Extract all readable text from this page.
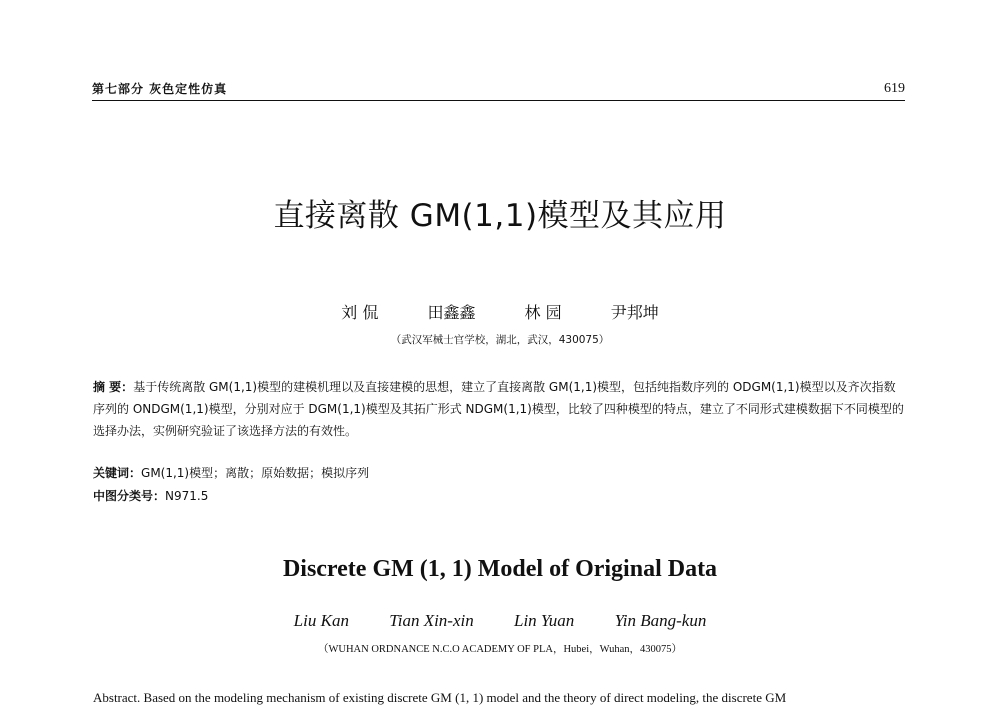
第七部分 灰色定性仿真	619
直接离散 GM(1,1)模型及其应用
刘 侃	田鑫鑫	林 园	尹邦坤
（武汉军械士官学校，湖北，武汉，430075）
摘 要：基于传统离散 GM(1,1)模型的建模机理以及直接建模的思想，建立了直接离散 GM(1,1)模型，包括纯指数序列的 ODGM(1,1)模型以及齐次指数序列的 ONDGM(1,1)模型，分别对应于 DGM(1,1)模型及其拓广形式 NDGM(1,1)模型，比较了四种模型的特点，建立了不同形式建模数据下不同模型的选择办法，实例研究验证了该选择方法的有效性。
关键词：GM(1,1)模型；离散；原始数据；模拟序列
中图分类号：N971.5
Discrete GM (1, 1) Model of Original Data
Liu Kan Tian Xin-xin Lin Yuan Yin Bang-kun
（WUHAN ORDNANCE N.C.O ACADEMY OF PLA，Hubei，Wuhan，430075）
Abstract. Based on the modeling mechanism of existing discrete GM (1, 1) model and the theory of direct modeling, the discrete GM
